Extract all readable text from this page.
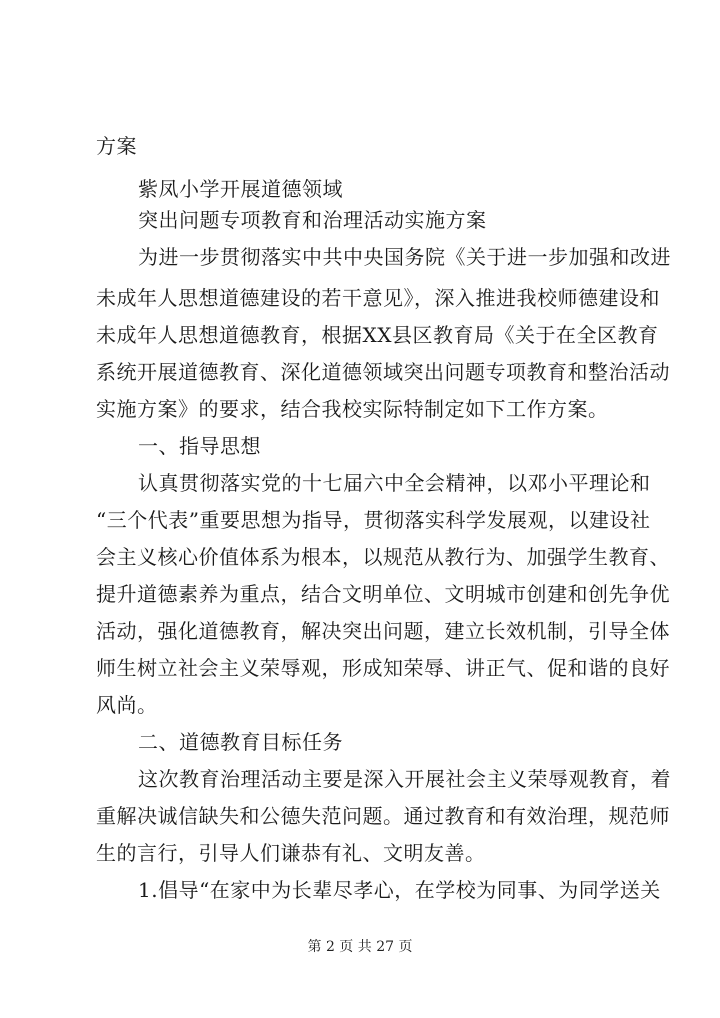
方案
紫凤小学开展道德领域
突出问题专项教育和治理活动实施方案
为进一步贯彻落实中共中央国务院《关于进一步加强和改进
未成年人思想道德建设的若干意见》，深入推进我校师德建设和
未成年人思想道德教育，根据XX县区教育局《关于在全区教育
系统开展道德教育、深化道德领域突出问题专项教育和整治活动
实施方案》的要求，结合我校实际特制定如下工作方案。
一、指导思想
认真贯彻落实党的十七届六中全会精神，以邓小平理论和
“三个代表”重要思想为指导，贯彻落实科学发展观，以建设社
会主义核心价值体系为根本，以规范从教行为、加强学生教育、
提升道德素养为重点，结合文明单位、文明城市创建和创先争优
活动，强化道德教育，解决突出问题，建立长效机制，引导全体
师生树立社会主义荣辱观，形成知荣辱、讲正气、促和谐的良好
风尚。
二、道德教育目标任务
这次教育治理活动主要是深入开展社会主义荣辱观教育，着
重解决诚信缺失和公德失范问题。通过教育和有效治理，规范师
生的言行，引导人们谦恭有礼、文明友善。
1.倡导“在家中为长辈尽孝心，在学校为同事、为同学送关
第 2 页 共 27 页
